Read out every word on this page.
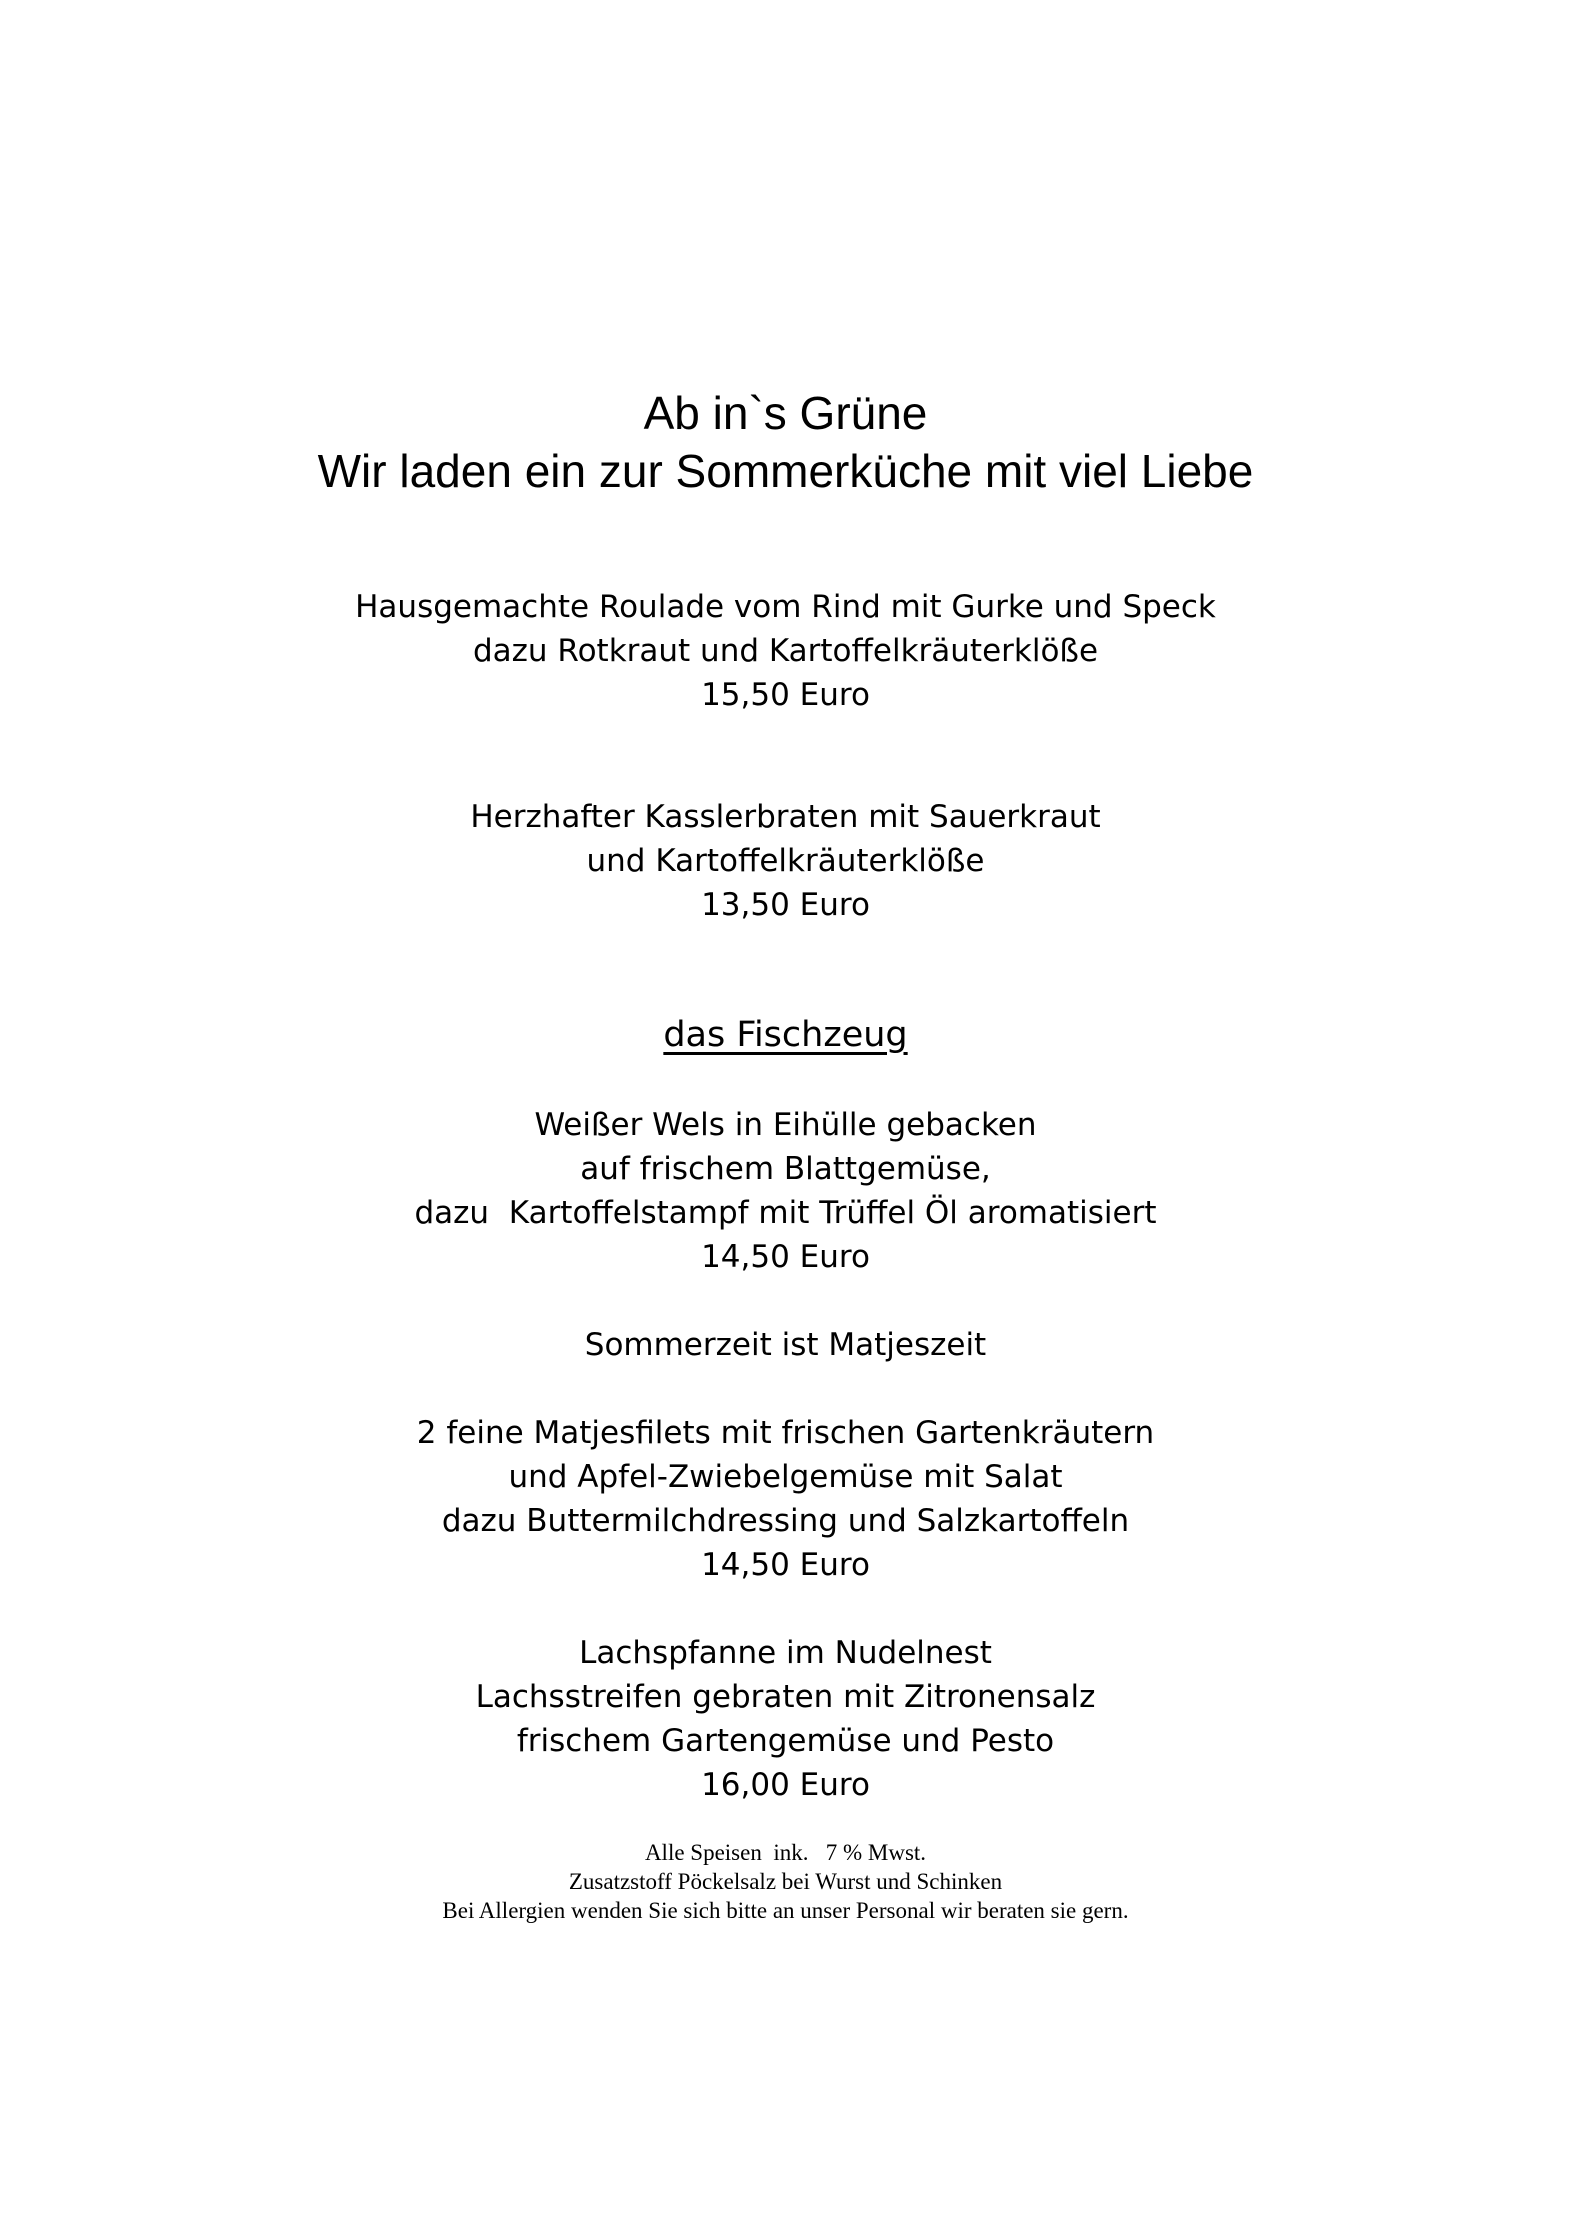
Ab in`s Grüne
Wir laden ein zur Sommerküche mit viel Liebe
Hausgemachte Roulade vom Rind mit Gurke und Speck
dazu Rotkraut und Kartoffelkräuterklöße
15,50 Euro
Herzhafter Kasslerbraten mit Sauerkraut
und Kartoffelkräuterklöße
13,50 Euro
das Fischzeug
Weißer Wels in Eihülle gebacken
auf frischem Blattgemüse,
dazu  Kartoffelstampf mit Trüffel Öl aromatisiert
14,50 Euro
Sommerzeit ist Matjeszeit
2 feine Matjesfilets mit frischen Gartenkräutern
und Apfel-Zwiebelgemüse mit Salat
dazu Buttermilchdressing und Salzkartoffeln
14,50 Euro
Lachspfanne im Nudelnest
Lachsstreifen gebraten mit Zitronensalz
frischem Gartengemüse und Pesto
16,00 Euro
Alle Speisen  ink.   7 % Mwst.
Zusatzstoff Pöckelsalz bei Wurst und Schinken
Bei Allergien wenden Sie sich bitte an unser Personal wir beraten sie gern.
